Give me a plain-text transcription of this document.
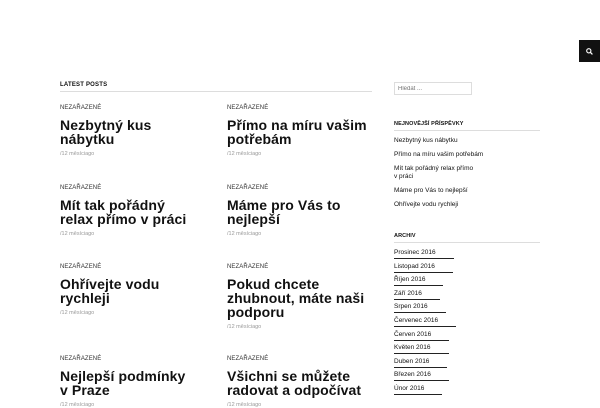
LATEST POSTS
NEZAŘAZENÉ
Nezbytný kus
nábytku
/12 měsíciago
NEZAŘAZENÉ
Přímo na míru vašim
potřebám
/12 měsíciago
NEZAŘAZENÉ
Mít tak pořádný
relax přímo v práci
/12 měsíciago
NEZAŘAZENÉ
Máme pro Vás to
nejlepší
/12 měsíciago
NEZAŘAZENÉ
Ohřívejte vodu
rychleji
/12 měsíciago
NEZAŘAZENÉ
Pokud chcete
zhubnout, máte naši
podporu
/12 měsíciago
NEZAŘAZENÉ
Nejlepší podmínky
v Praze
/12 měsíciago
NEZAŘAZENÉ
Všichni se můžete
radovat a odpočívat
/12 měsíciago
Hledat ...
NEJNOVĚJŠÍ PŘÍSPĚVKY
Nezbytný kus nábytku
Přímo na míru vašim potřebám
Mít tak pořádný relax přímo v práci
Máme pro Vás to nejlepší
Ohřívejte vodu rychleji
ARCHIV
Prosinec 2016
Listopad 2016
Říjen 2016
Září 2016
Srpen 2016
Červenec 2016
Červen 2016
Květen 2016
Duben 2016
Březen 2016
Únor 2016
